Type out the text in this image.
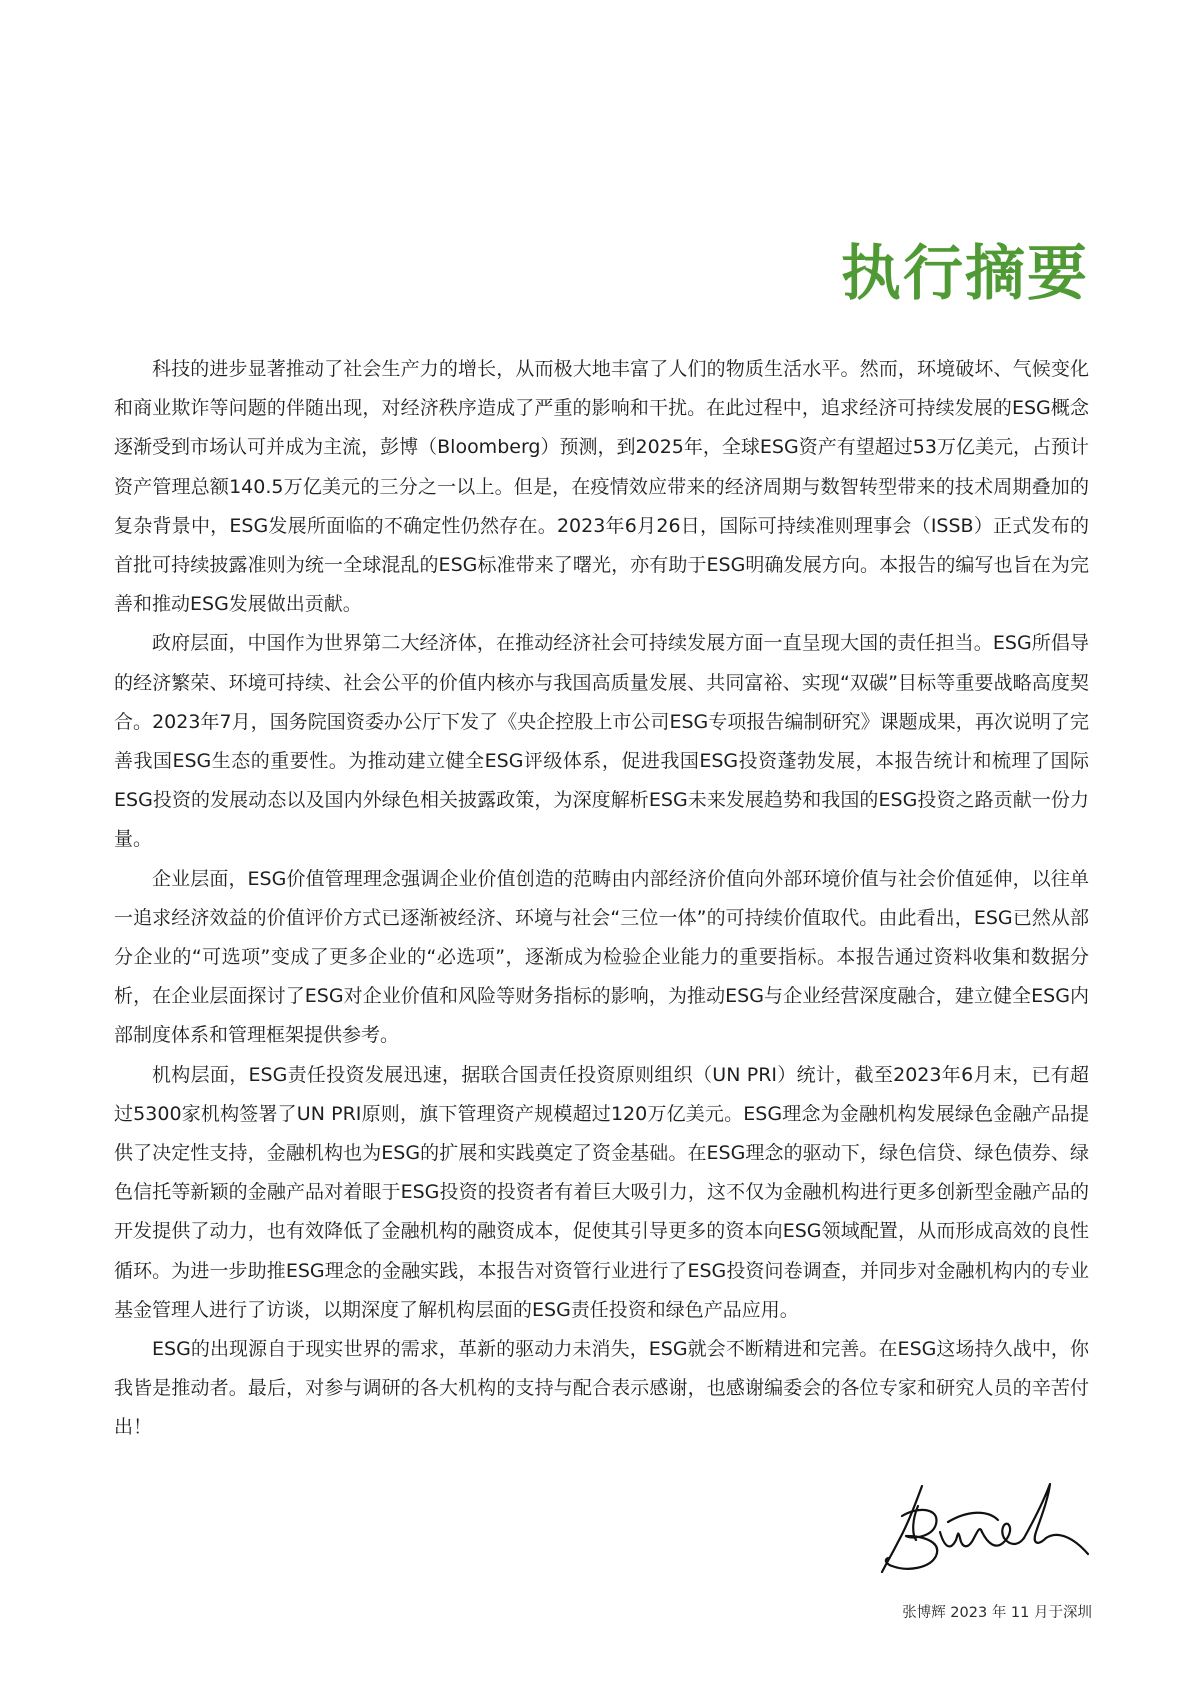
执行摘要

科技的进步显著推动了社会生产力的增长，从而极大地丰富了人们的物质生活水平。然而，环境破坏、气候变化和商业欺诈等问题的伴随出现，对经济秩序造成了严重的影响和干扰。在此过程中，追求经济可持续发展的ESG概念逐渐受到市场认可并成为主流，彭博（Bloomberg）预测，到2025年，全球ESG资产有望超过53万亿美元，占预计资产管理总额140.5万亿美元的三分之一以上。但是，在疫情效应带来的经济周期与数智转型带来的技术周期叠加的复杂背景中，ESG发展所面临的不确定性仍然存在。2023年6月26日，国际可持续准则理事会（ISSB）正式发布的首批可持续披露准则为统一全球混乱的ESG标准带来了曙光，亦有助于ESG明确发展方向。本报告的编写也旨在为完善和推动ESG发展做出贡献。

政府层面，中国作为世界第二大经济体，在推动经济社会可持续发展方面一直呈现大国的责任担当。ESG所倡导的经济繁荣、环境可持续、社会公平的价值内核亦与我国高质量发展、共同富裕、实现“双碳”目标等重要战略高度契合。2023年7月，国务院国资委办公厅下发了《央企控股上市公司ESG专项报告编制研究》课题成果，再次说明了完善我国ESG生态的重要性。为推动建立健全ESG评级体系，促进我国ESG投资蓬勃发展，本报告统计和梳理了国际ESG投资的发展动态以及国内外绿色相关披露政策，为深度解析ESG未来发展趋势和我国的ESG投资之路贡献一份力量。

企业层面，ESG价值管理理念强调企业价值创造的范畴由内部经济价值向外部环境价值与社会价值延伸，以往单一追求经济效益的价值评价方式已逐渐被经济、环境与社会“三位一体”的可持续价值取代。由此看出，ESG已然从部分企业的“可选项”变成了更多企业的“必选项”，逐渐成为检验企业能力的重要指标。本报告通过资料收集和数据分析，在企业层面探讨了ESG对企业价值和风险等财务指标的影响，为推动ESG与企业经营深度融合，建立健全ESG内部制度体系和管理框架提供参考。

机构层面，ESG责任投资发展迅速，据联合国责任投资原则组织（UN PRI）统计，截至2023年6月末，已有超过5300家机构签署了UN PRI原则，旗下管理资产规模超过120万亿美元。ESG理念为金融机构发展绿色金融产品提供了决定性支持，金融机构也为ESG的扩展和实践奠定了资金基础。在ESG理念的驱动下，绿色信贷、绿色债券、绿色信托等新颖的金融产品对着眼于ESG投资的投资者有着巨大吸引力，这不仅为金融机构进行更多创新型金融产品的开发提供了动力，也有效降低了金融机构的融资成本，促使其引导更多的资本向ESG领域配置，从而形成高效的良性循环。为进一步助推ESG理念的金融实践，本报告对资管行业进行了ESG投资问卷调查，并同步对金融机构内的专业基金管理人进行了访谈，以期深度了解机构层面的ESG责任投资和绿色产品应用。

ESG的出现源自于现实世界的需求，革新的驱动力未消失，ESG就会不断精进和完善。在ESG这场持久战中，你我皆是推动者。最后，对参与调研的各大机构的支持与配合表示感谢，也感谢编委会的各位专家和研究人员的辛苦付出！

张博辉 2023 年 11 月于深圳
